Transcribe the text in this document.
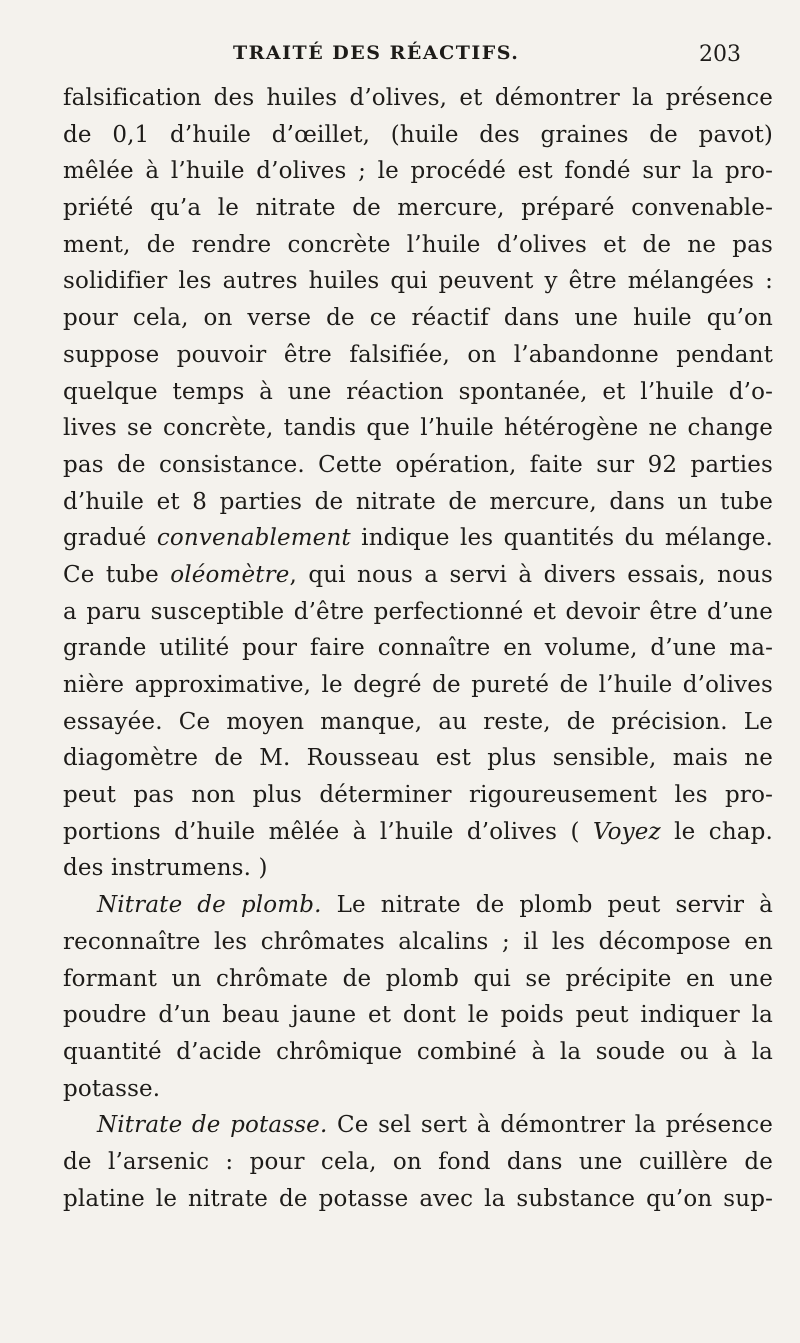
TRAITÉ DES RÉACTIFS.	203
falsification des huiles d’olives, et démontrer la présence
de 0,1 d’huile d’œillet, (huile des graines de pavot)
mêlée à l’huile d’olives ; le procédé est fondé sur la pro-
priété qu’a le nitrate de mercure, préparé convenable-
ment, de rendre concrète l’huile d’olives et de ne pas
solidifier les autres huiles qui peuvent y être mélangées :
pour cela, on verse de ce réactif dans une huile qu’on
suppose pouvoir être falsifiée, on l’abandonne pendant
quelque temps à une réaction spontanée, et l’huile d’o-
lives se concrète, tandis que l’huile hétérogène ne change
pas de consistance. Cette opération, faite sur 92 parties
d’huile et 8 parties de nitrate de mercure, dans un tube
gradué convenablement indique les quantités du mélange.
Ce tube oléomètre, qui nous a servi à divers essais, nous
a paru susceptible d’être perfectionné et devoir être d’une
grande utilité pour faire connaître en volume, d’une ma-
nière approximative, le degré de pureté de l’huile d’olives
essayée. Ce moyen manque, au reste, de précision. Le
diagomètre de M. Rousseau est plus sensible, mais ne
peut pas non plus déterminer rigoureusement les pro-
portions d’huile mêlée à l’huile d’olives ( Voyez le chap.
des instrumens. )
Nitrate de plomb. Le nitrate de plomb peut servir à
reconnaître les chrômates alcalins ; il les décompose en
formant un chrômate de plomb qui se précipite en une
poudre d’un beau jaune et dont le poids peut indiquer la
quantité d’acide chrômique combiné à la soude ou à la
potasse.
Nitrate de potasse. Ce sel sert à démontrer la présence
de l’arsenic : pour cela, on fond dans une cuillère de
platine le nitrate de potasse avec la substance qu’on sup-
